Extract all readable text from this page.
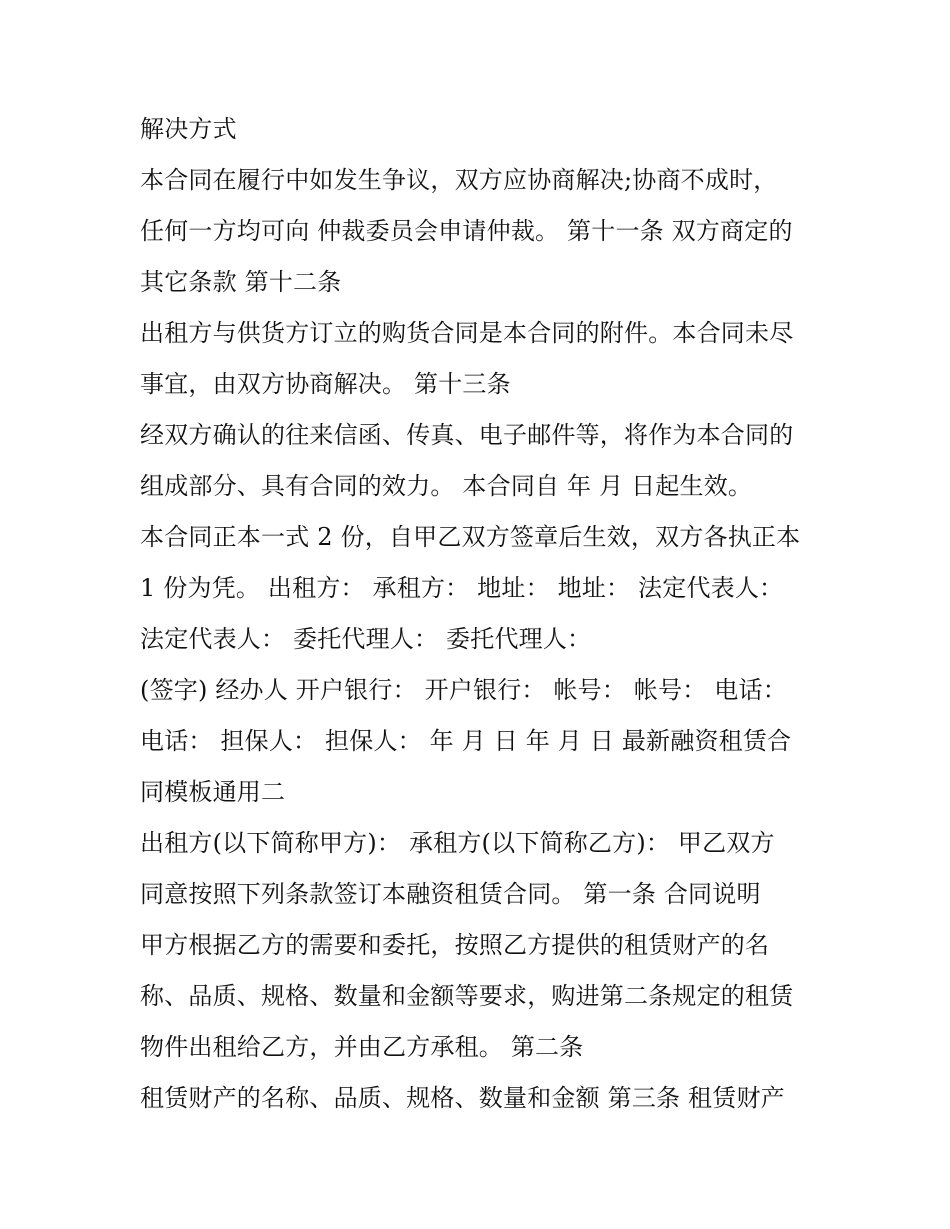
解决方式
本合同在履行中如发生争议，双方应协商解决;协商不成时，
任何一方均可向 仲裁委员会申请仲裁。 第十一条 双方商定的
其它条款 第十二条
出租方与供货方订立的购货合同是本合同的附件。本合同未尽
事宜，由双方协商解决。 第十三条
经双方确认的往来信函、传真、电子邮件等，将作为本合同的
组成部分、具有合同的效力。 本合同自 年 月 日起生效。
本合同正本一式 2 份，自甲乙双方签章后生效，双方各执正本
1 份为凭。 出租方： 承租方： 地址： 地址： 法定代表人：
法定代表人： 委托代理人： 委托代理人：
(签字) 经办人 开户银行： 开户银行： 帐号： 帐号： 电话：
电话： 担保人： 担保人： 年 月 日 年 月 日 最新融资租赁合
同模板通用二
出租方(以下简称甲方)： 承租方(以下简称乙方)： 甲乙双方
同意按照下列条款签订本融资租赁合同。 第一条 合同说明
甲方根据乙方的需要和委托，按照乙方提供的租赁财产的名
称、品质、规格、数量和金额等要求，购进第二条规定的租赁
物件出租给乙方，并由乙方承租。 第二条
租赁财产的名称、品质、规格、数量和金额 第三条 租赁财产
